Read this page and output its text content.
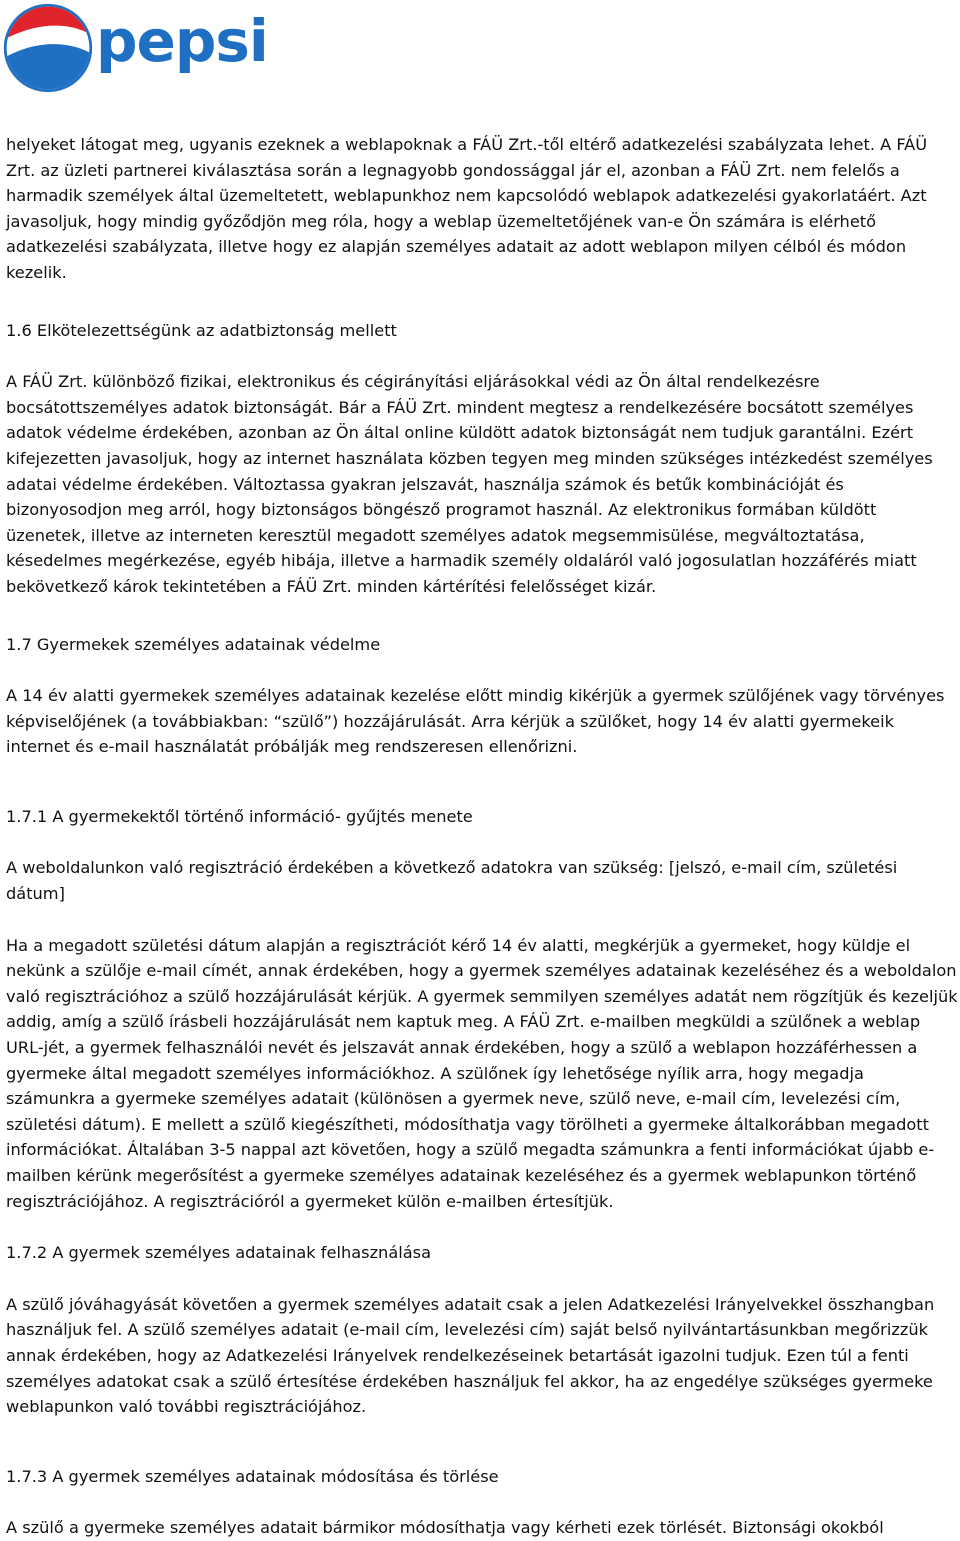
pepsi

helyeket látogat meg, ugyanis ezeknek a weblapoknak a FÁÜ Zrt.-től eltérő adatkezelési szabályzata lehet. A FÁÜ Zrt. az üzleti partnerei kiválasztása során a legnagyobb gondossággal jár el, azonban a FÁÜ Zrt. nem felelős a harmadik személyek által üzemeltetett, weblapunkhoz nem kapcsolódó weblapok adatkezelési gyakorlatáért. Azt javasoljuk, hogy mindig győződjön meg róla, hogy a weblap üzemeltetőjének van-e Ön számára is elérhető adatkezelési szabályzata, illetve hogy ez alapján személyes adatait az adott weblapon milyen célból és módon kezelik.

1.6 Elkötelezettségünk az adatbiztonság mellett

A FÁÜ Zrt. különböző fizikai, elektronikus és cégirányítási eljárásokkal védi az Ön által rendelkezésre bocsátottszemélyes adatok biztonságát. Bár a FÁÜ Zrt. mindent megtesz a rendelkezésére bocsátott személyes adatok védelme érdekében, azonban az Ön által online küldött adatok biztonságát nem tudjuk garantálni. Ezért kifejezetten javasoljuk, hogy az internet használata közben tegyen meg minden szükséges intézkedést személyes adatai védelme érdekében. Változtassa gyakran jelszavát, használja számok és betűk kombinációját és bizonyosodjon meg arról, hogy biztonságos böngésző programot használ. Az elektronikus formában küldött üzenetek, illetve az interneten keresztül megadott személyes adatok megsemmisülése, megváltoztatása, késedelmes megérkezése, egyéb hibája, illetve a harmadik személy oldaláról való jogosulatlan hozzáférés miatt bekövetkező károk tekintetében a FÁÜ Zrt. minden kártérítési felelősséget kizár.

1.7 Gyermekek személyes adatainak védelme

A 14 év alatti gyermekek személyes adatainak kezelése előtt mindig kikérjük a gyermek szülőjének vagy törvényes képviselőjének (a továbbiakban: “szülő”) hozzájárulását. Arra kérjük a szülőket, hogy 14 év alatti gyermekeik internet és e-mail használatát próbálják meg rendszeresen ellenőrizni.

1.7.1 A gyermekektől történő információ- gyűjtés menete

A weboldalunkon való regisztráció érdekében a következő adatokra van szükség: [jelszó, e-mail cím, születési dátum]

Ha a megadott születési dátum alapján a regisztrációt kérő 14 év alatti, megkérjük a gyermeket, hogy küldje el nekünk a szülője e-mail címét, annak érdekében, hogy a gyermek személyes adatainak kezeléséhez és a weboldalon való regisztrációhoz a szülő hozzájárulását kérjük. A gyermek semmilyen személyes adatát nem rögzítjük és kezeljük addig, amíg a szülő írásbeli hozzájárulását nem kaptuk meg. A FÁÜ Zrt. e-mailben megküldi a szülőnek a weblap URL-jét, a gyermek felhasználói nevét és jelszavát annak érdekében, hogy a szülő a weblapon hozzáférhessen a gyermeke által megadott személyes információkhoz. A szülőnek így lehetősége nyílik arra, hogy megadja számunkra a gyermeke személyes adatait (különösen a gyermek neve, szülő neve, e-mail cím, levelezési cím, születési dátum). E mellett a szülő kiegészítheti, módosíthatja vagy törölheti a gyermeke általkorábban megadott információkat. Általában 3-5 nappal azt követően, hogy a szülő megadta számunkra a fenti információkat újabb e-mailben kérünk megerősítést a gyermeke személyes adatainak kezeléséhez és a gyermek weblapunkon történő regisztrációjához. A regisztrációról a gyermeket külön e-mailben értesítjük.

1.7.2 A gyermek személyes adatainak felhasználása

A szülő jóváhagyását követően a gyermek személyes adatait csak a jelen Adatkezelési Irányelvekkel összhangban használjuk fel. A szülő személyes adatait (e-mail cím, levelezési cím) saját belső nyilvántartásunkban megőrizzük annak érdekében, hogy az Adatkezelési Irányelvek rendelkezéseinek betartását igazolni tudjuk. Ezen túl a fenti személyes adatokat csak a szülő értesítése érdekében használjuk fel akkor, ha az engedélye szükséges gyermeke weblapunkon való további regisztrációjához.

1.7.3 A gyermek személyes adatainak módosítása és törlése

A szülő a gyermeke személyes adatait bármikor módosíthatja vagy kérheti ezek törlését. Biztonsági okokból
